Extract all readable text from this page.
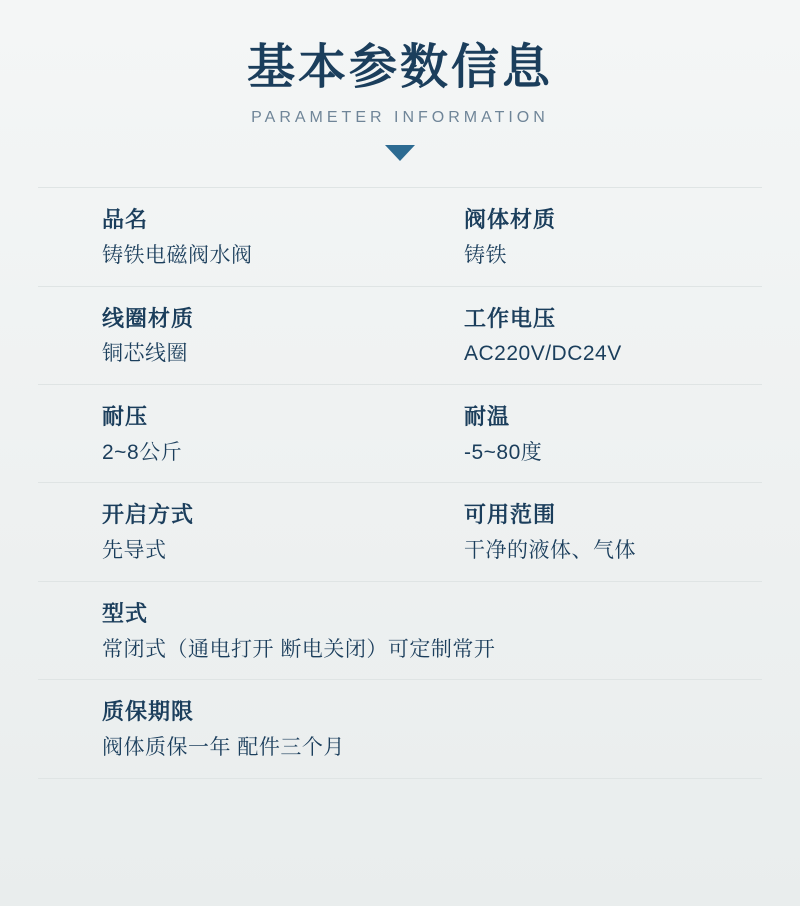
基本参数信息
PARAMETER INFORMATION
品名
铸铁电磁阀水阀
阀体材质
铸铁
线圈材质
铜芯线圈
工作电压
AC220V/DC24V
耐压
2~8公斤
耐温
-5~80度
开启方式
先导式
可用范围
干净的液体、气体
型式
常闭式（通电打开 断电关闭）可定制常开
质保期限
阀体质保一年 配件三个月
